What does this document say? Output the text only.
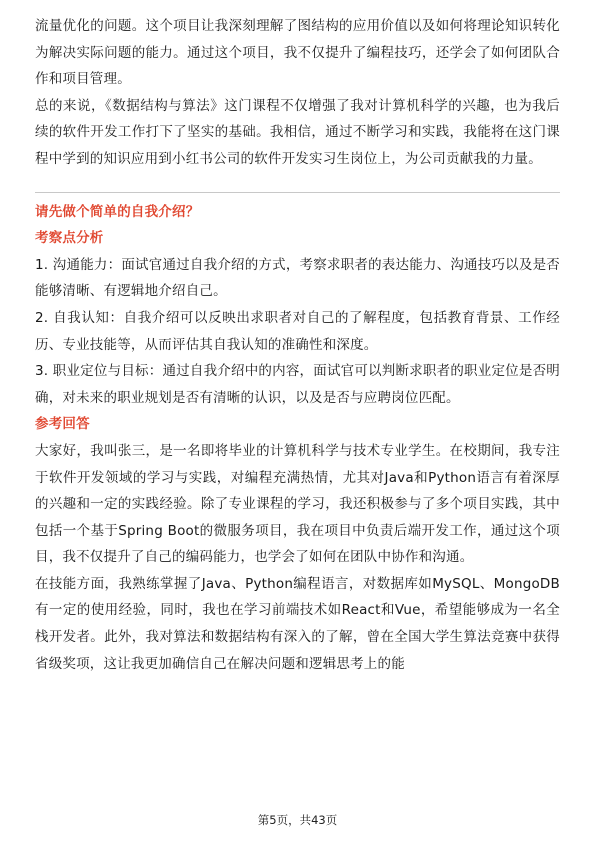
流量优化的问题。这个项目让我深刻理解了图结构的应用价值以及如何将理论知识转化为解决实际问题的能力。通过这个项目，我不仅提升了编程技巧，还学会了如何团队合作和项目管理。

总的来说，《数据结构与算法》这门课程不仅增强了我对计算机科学的兴趣，也为我后续的软件开发工作打下了坚实的基础。我相信，通过不断学习和实践，我能将在这门课程中学到的知识应用到小红书公司的软件开发实习生岗位上，为公司贡献我的力量。

请先做个简单的自我介绍？

考察点分析

1. 沟通能力：面试官通过自我介绍的方式，考察求职者的表达能力、沟通技巧以及是否能够清晰、有逻辑地介绍自己。

2. 自我认知：自我介绍可以反映出求职者对自己的了解程度，包括教育背景、工作经历、专业技能等，从而评估其自我认知的准确性和深度。

3. 职业定位与目标：通过自我介绍中的内容，面试官可以判断求职者的职业定位是否明确，对未来的职业规划是否有清晰的认识，以及是否与应聘岗位匹配。

参考回答

大家好，我叫张三，是一名即将毕业的计算机科学与技术专业学生。在校期间，我专注于软件开发领域的学习与实践，对编程充满热情，尤其对Java和Python语言有着深厚的兴趣和一定的实践经验。除了专业课程的学习，我还积极参与了多个项目实践，其中包括一个基于Spring Boot的微服务项目，我在项目中负责后端开发工作，通过这个项目，我不仅提升了自己的编码能力，也学会了如何在团队中协作和沟通。

在技能方面，我熟练掌握了Java、Python编程语言，对数据库如MySQL、MongoDB有一定的使用经验，同时，我也在学习前端技术如React和Vue，希望能够成为一名全栈开发者。此外，我对算法和数据结构有深入的了解，曾在全国大学生算法竞赛中获得省级奖项，这让我更加确信自己在解决问题和逻辑思考上的能

第5页，共43页
